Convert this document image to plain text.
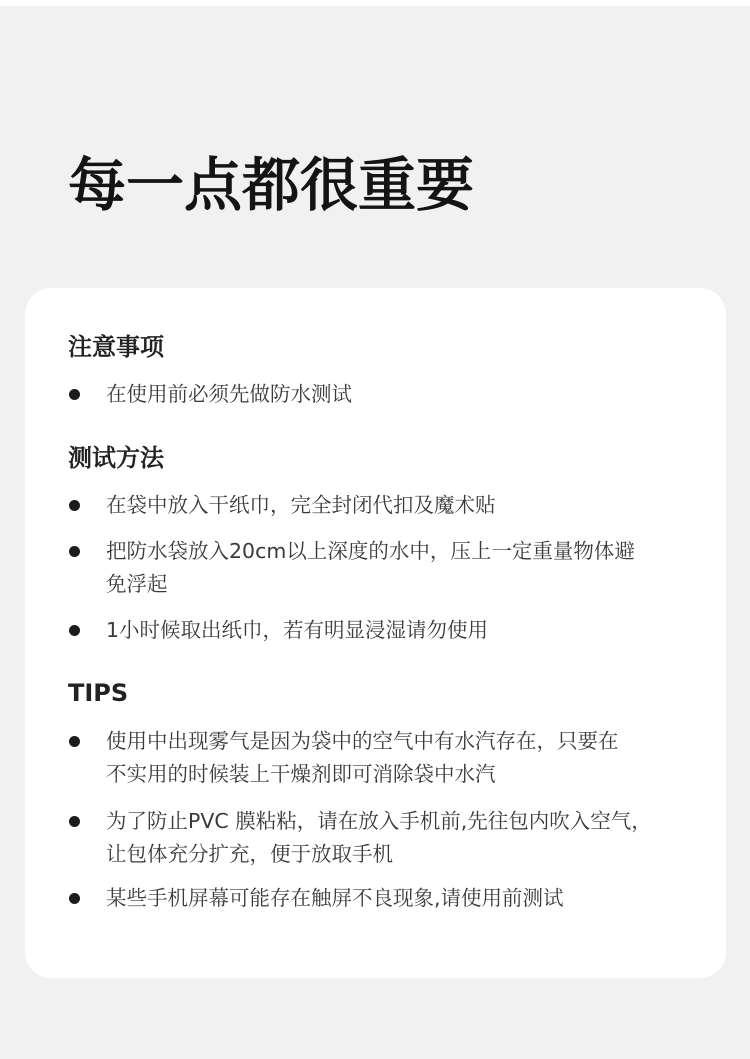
每一点都很重要
注意事项
在使用前必须先做防水测试
测试方法
在袋中放入干纸巾，完全封闭代扣及魔术贴
把防水袋放入20cm以上深度的水中，压上一定重量物体避
免浮起
1小时候取出纸巾，若有明显浸湿请勿使用
TIPS
使用中出现雾气是因为袋中的空气中有水汽存在，只要在
不实用的时候装上干燥剂即可消除袋中水汽
为了防止PVC 膜粘粘，请在放入手机前,先往包内吹入空气，
让包体充分扩充，便于放取手机
某些手机屏幕可能存在触屏不良现象,请使用前测试
